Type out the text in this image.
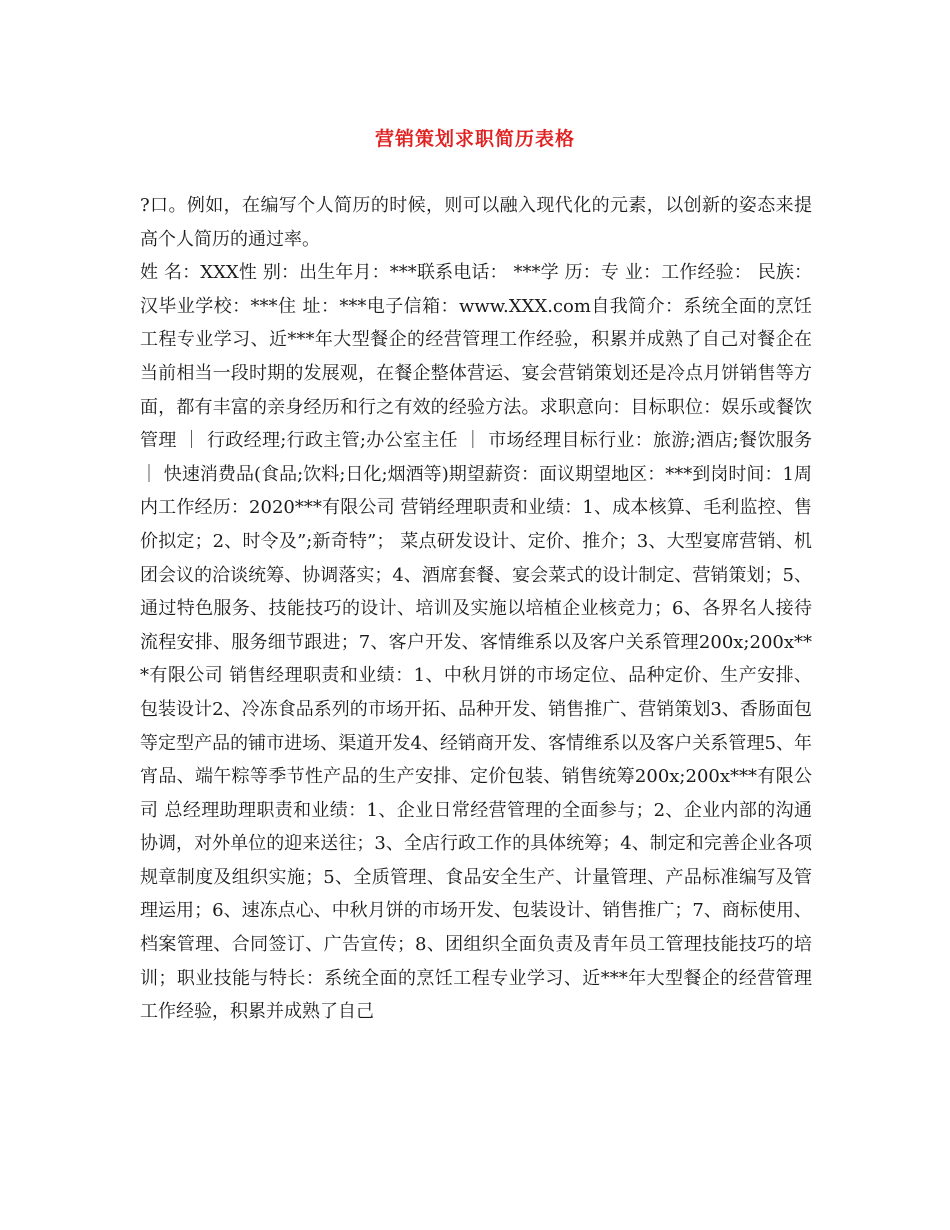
营销策划求职简历表格

?口。例如，在编写个人简历的时候，则可以融入现代化的元素，以创新的姿态来提高个人简历的通过率。

姓 名：XXX性 别：出生年月：***联系电话： ***学 历：专 业：工作经验： 民族：汉毕业学校：***住 址：***电子信箱：www.XXX.com自我简介：系统全面的烹饪工程专业学习、近***年大型餐企的经营管理工作经验，积累并成熟了自己对餐企在当前相当一段时期的发展观，在餐企整体营运、宴会营销策划还是冷点月饼销售等方面，都有丰富的亲身经历和行之有效的经验方法。求职意向：目标职位：娱乐或餐饮管理 ｜ 行政经理;行政主管;办公室主任 ｜ 市场经理目标行业：旅游;酒店;餐饮服务 ｜ 快速消费品(食品;饮料;日化;烟酒等)期望薪资：面议期望地区：***到岗时间：1周内工作经历：2020***有限公司 营销经理职责和业绩：1、成本核算、毛利监控、售价拟定；2、时令及”;新奇特”； 菜点研发设计、定价、推介；3、大型宴席营销、机团会议的洽谈统筹、协调落实；4、酒席套餐、宴会菜式的设计制定、营销策划；5、通过特色服务、技能技巧的设计、培训及实施以培植企业核竞力；6、各界名人接待流程安排、服务细节跟进；7、客户开发、客情维系以及客户关系管理200x;200x***有限公司 销售经理职责和业绩：1、中秋月饼的市场定位、品种定价、生产安排、包装设计2、冷冻食品系列的市场开拓、品种开发、销售推广、营销策划3、香肠面包等定型产品的铺市进场、渠道开发4、经销商开发、客情维系以及客户关系管理5、年宵品、端午粽等季节性产品的生产安排、定价包装、销售统筹200x;200x***有限公司 总经理助理职责和业绩：1、企业日常经营管理的全面参与；2、企业内部的沟通协调，对外单位的迎来送往；3、全店行政工作的具体统筹；4、制定和完善企业各项规章制度及组织实施；5、全质管理、食品安全生产、计量管理、产品标准编写及管理运用；6、速冻点心、中秋月饼的市场开发、包装设计、销售推广；7、商标使用、档案管理、合同签订、广告宣传；8、团组织全面负责及青年员工管理技能技巧的培训；职业技能与特长：系统全面的烹饪工程专业学习、近***年大型餐企的经营管理工作经验，积累并成熟了自己
